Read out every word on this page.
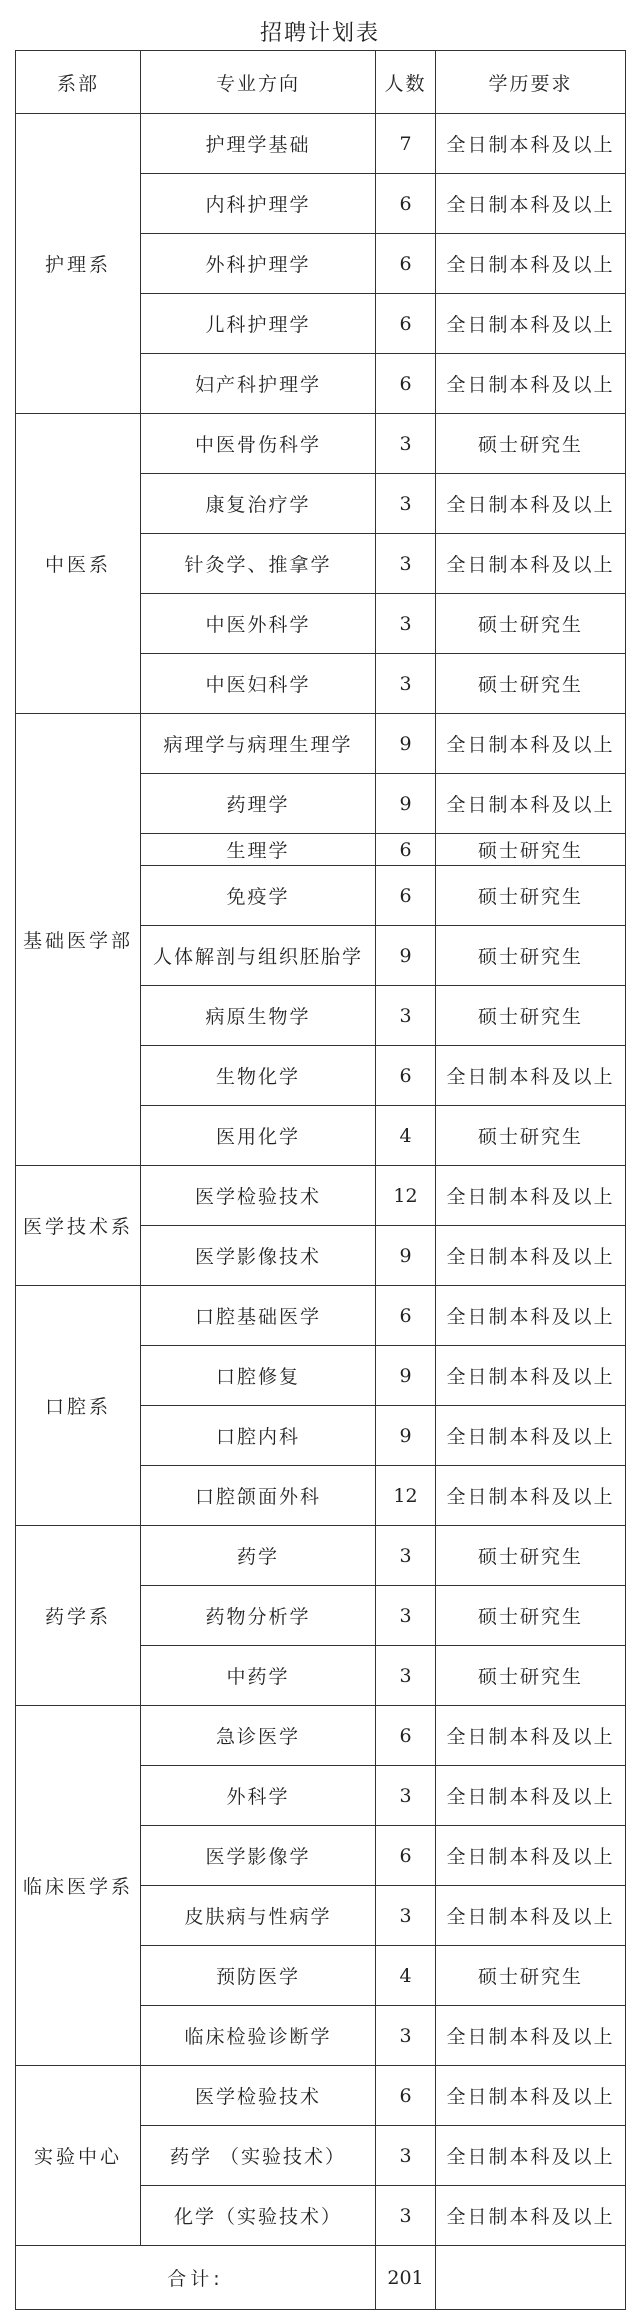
招聘计划表
系部	专业方向	人数	学历要求
护理系	护理学基础	7	全日制本科及以上
	内科护理学	6	全日制本科及以上
	外科护理学	6	全日制本科及以上
	儿科护理学	6	全日制本科及以上
	妇产科护理学	6	全日制本科及以上
中医系	中医骨伤科学	3	硕士研究生
	康复治疗学	3	全日制本科及以上
	针灸学、推拿学	3	全日制本科及以上
	中医外科学	3	硕士研究生
	中医妇科学	3	硕士研究生
基础医学部	病理学与病理生理学	9	全日制本科及以上
	药理学	9	全日制本科及以上
	生理学	6	硕士研究生
	免疫学	6	硕士研究生
	人体解剖与组织胚胎学	9	硕士研究生
	病原生物学	3	硕士研究生
	生物化学	6	全日制本科及以上
	医用化学	4	硕士研究生
医学技术系	医学检验技术	12	全日制本科及以上
	医学影像技术	9	全日制本科及以上
口腔系	口腔基础医学	6	全日制本科及以上
	口腔修复	9	全日制本科及以上
	口腔内科	9	全日制本科及以上
	口腔颌面外科	12	全日制本科及以上
药学系	药学	3	硕士研究生
	药物分析学	3	硕士研究生
	中药学	3	硕士研究生
临床医学系	急诊医学	6	全日制本科及以上
	外科学	3	全日制本科及以上
	医学影像学	6	全日制本科及以上
	皮肤病与性病学	3	全日制本科及以上
	预防医学	4	硕士研究生
	临床检验诊断学	3	全日制本科及以上
实验中心	医学检验技术	6	全日制本科及以上
	药学 （实验技术）	3	全日制本科及以上
	化学（实验技术）	3	全日制本科及以上
合计:		201	
